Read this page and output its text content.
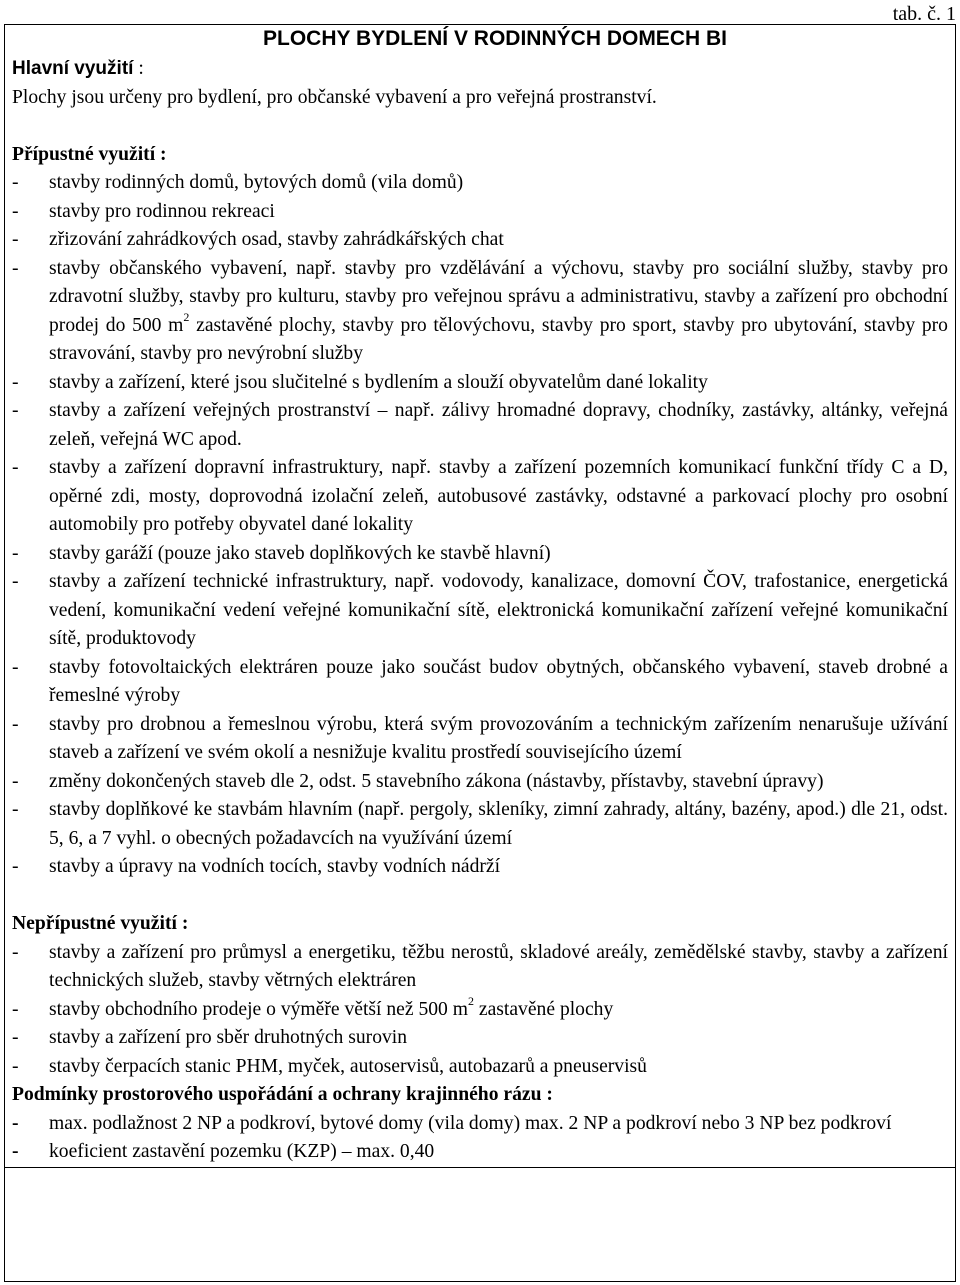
tab. č. 1
PLOCHY BYDLENÍ V RODINNÝCH DOMECH BI
Hlavní využití :
Plochy jsou určeny pro bydlení, pro občanské vybavení a pro veřejná prostranství.
Přípustné využití :
- stavby rodinných domů, bytových domů (vila domů)
- stavby pro rodinnou rekreaci
- zřizování zahrádkových osad, stavby zahrádkářských chat
- stavby občanského vybavení, např. stavby pro vzdělávání a výchovu, stavby pro sociální služby, stavby pro zdravotní služby, stavby pro kulturu, stavby pro veřejnou správu a administrativu, stavby a zařízení pro obchodní prodej do 500 $m^2$ zastavěné plochy, stavby pro tělovýchovu, stavby pro sport, stavby pro ubytování, stavby pro stravování, stavby pro nevýrobní služby
- stavby a zařízení, které jsou slučitelné s bydlením a slouží obyvatelům dané lokality
- stavby a zařízení veřejných prostranství – např. zálivy hromadné dopravy, chodníky, zastávky, altánky, veřejná zeleň, veřejná WC apod.
- stavby a zařízení dopravní infrastruktury, např. stavby a zařízení pozemních komunikací funkční třídy C a D, opěrné zdi, mosty, doprovodná izolační zeleň, autobusové zastávky, odstavné a parkovací plochy pro osobní automobily pro potřeby obyvatel dané lokality
- stavby garáží (pouze jako staveb doplňkových ke stavbě hlavní)
- stavby a zařízení technické infrastruktury, např. vodovody, kanalizace, domovní ČOV, trafostanice, energetická vedení, komunikační vedení veřejné komunikační sítě, elektronická komunikační zařízení veřejné komunikační sítě, produktovody
- stavby fotovoltaických elektráren pouze jako součást budov obytných, občanského vybavení, staveb drobné a řemeslné výroby
- stavby pro drobnou a řemeslnou výrobu, která svým provozováním a technickým zařízením nenarušuje užívání staveb a zařízení ve svém okolí a nesnižuje kvalitu prostředí souvisejícího území
- změny dokončených staveb dle 2, odst. 5 stavebního zákona (nástavby, přístavby, stavební úpravy)
- stavby doplňkové ke stavbám hlavním (např. pergoly, skleníky, zimní zahrady, altány, bazény, apod.) dle 21, odst. 5, 6, a 7 vyhl. o obecných požadavcích na využívání území
- stavby a úpravy na vodních tocích, stavby vodních nádrží
Nepřípustné využití :
- stavby a zařízení pro průmysl a energetiku, těžbu nerostů, skladové areály, zemědělské stavby, stavby a zařízení technických služeb, stavby větrných elektráren
- stavby obchodního prodeje o výměře větší než 500 $m^2$ zastavěné plochy
- stavby a zařízení pro sběr druhotných surovin
- stavby čerpacích stanic PHM, myček, autoservisů, autobazarů a pneuservisů
Podmínky prostorového uspořádání a ochrany krajinného rázu :
- max. podlažnost 2 NP a podkroví, bytové domy (vila domy) max. 2 NP a podkroví nebo 3 NP bez podkroví
- koeficient zastavění pozemku (KZP) – max. 0,40
